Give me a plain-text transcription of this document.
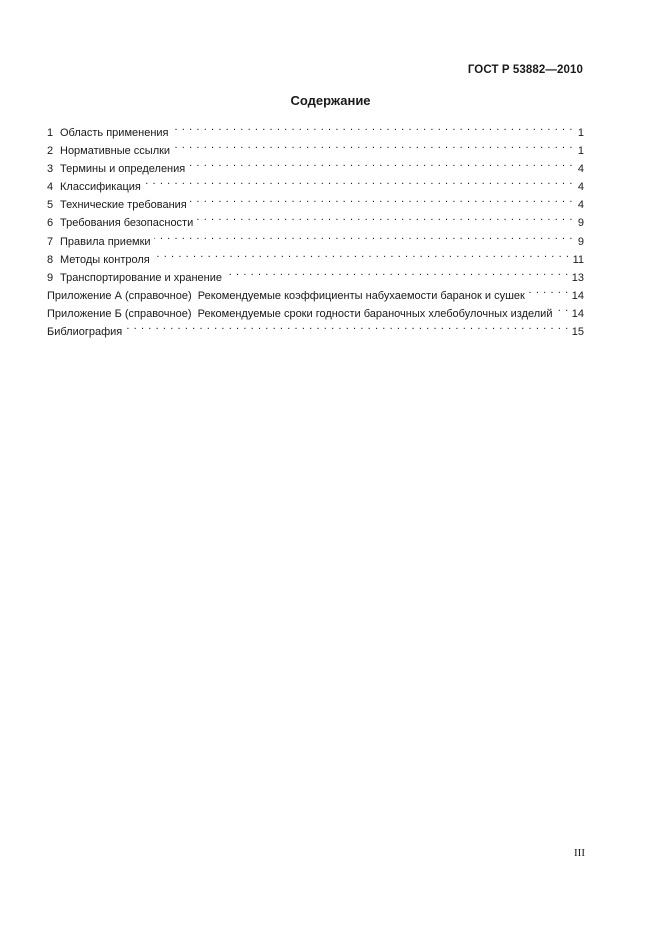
ГОСТ Р 53882—2010
Содержание
1 Область применения . . .	1
2 Нормативные ссылки . . .	1
3 Термины и определения . . .	4
4 Классификация . . .	4
5 Технические требования . . .	4
6 Требования безопасности . . .	9
7 Правила приемки . . .	9
8 Методы контроля . . .	11
9 Транспортирование и хранение . . .	13
Приложение А (справочное)  Рекомендуемые коэффициенты набухаемости баранок и сушек . . .	14
Приложение Б (справочное)  Рекомендуемые сроки годности бараночных хлебобулочных изделий . . . 14
Библиография . . .	15
III
